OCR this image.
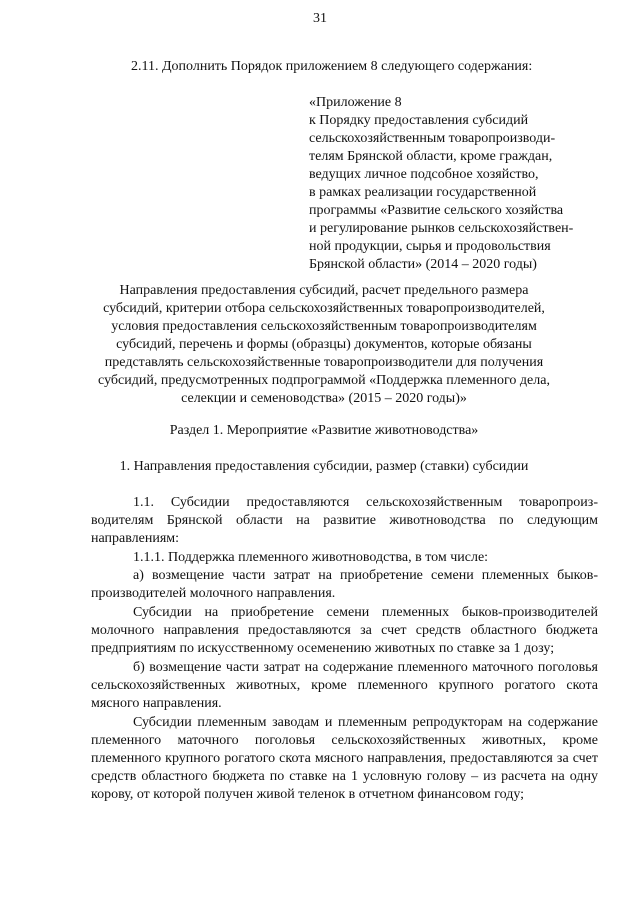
31
2.11. Дополнить Порядок приложением 8 следующего содержания:
«Приложение 8
к Порядку предоставления субсидий
сельскохозяйственным товаропроизводи-
телям Брянской области, кроме граждан,
ведущих личное подсобное хозяйство,
в рамках реализации государственной
программы «Развитие сельского хозяйства
и регулирование рынков сельскохозяйствен-
ной продукции, сырья и продовольствия
Брянской области» (2014 – 2020 годы)
Направления предоставления субсидий, расчет предельного размера
субсидий, критерии отбора сельскохозяйственных товаропроизводителей,
условия предоставления сельскохозяйственным товаропроизводителям
субсидий, перечень и формы (образцы) документов, которые обязаны
представлять сельскохозяйственные товаропроизводители для получения
субсидий, предусмотренных подпрограммой «Поддержка племенного дела,
селекции и семеноводства» (2015 – 2020 годы)»
Раздел 1. Мероприятие «Развитие животноводства»
1. Направления предоставления субсидии, размер (ставки) субсидии

1.1. Субсидии предоставляются сельскохозяйственным товаропроизводителям Брянской области на развитие животноводства по следующим направлениям:

1.1.1. Поддержка племенного животноводства, в том числе:

а) возмещение части затрат на приобретение семени племенных быков-производителей молочного направления.

Субсидии на приобретение семени племенных быков-производителей молочного направления предоставляются за счет средств областного бюджета предприятиям по искусственному осеменению животных по ставке за 1 дозу;

б) возмещение части затрат на содержание племенного маточного поголовья сельскохозяйственных животных, кроме племенного крупного рогатого скота мясного направления.

Субсидии племенным заводам и племенным репродукторам на содержание племенного маточного поголовья сельскохозяйственных животных, кроме племенного крупного рогатого скота мясного направления, предоставляются за счет средств областного бюджета по ставке на 1 условную голову – из расчета на одну корову, от которой получен живой теленок в отчетном финансовом году;
